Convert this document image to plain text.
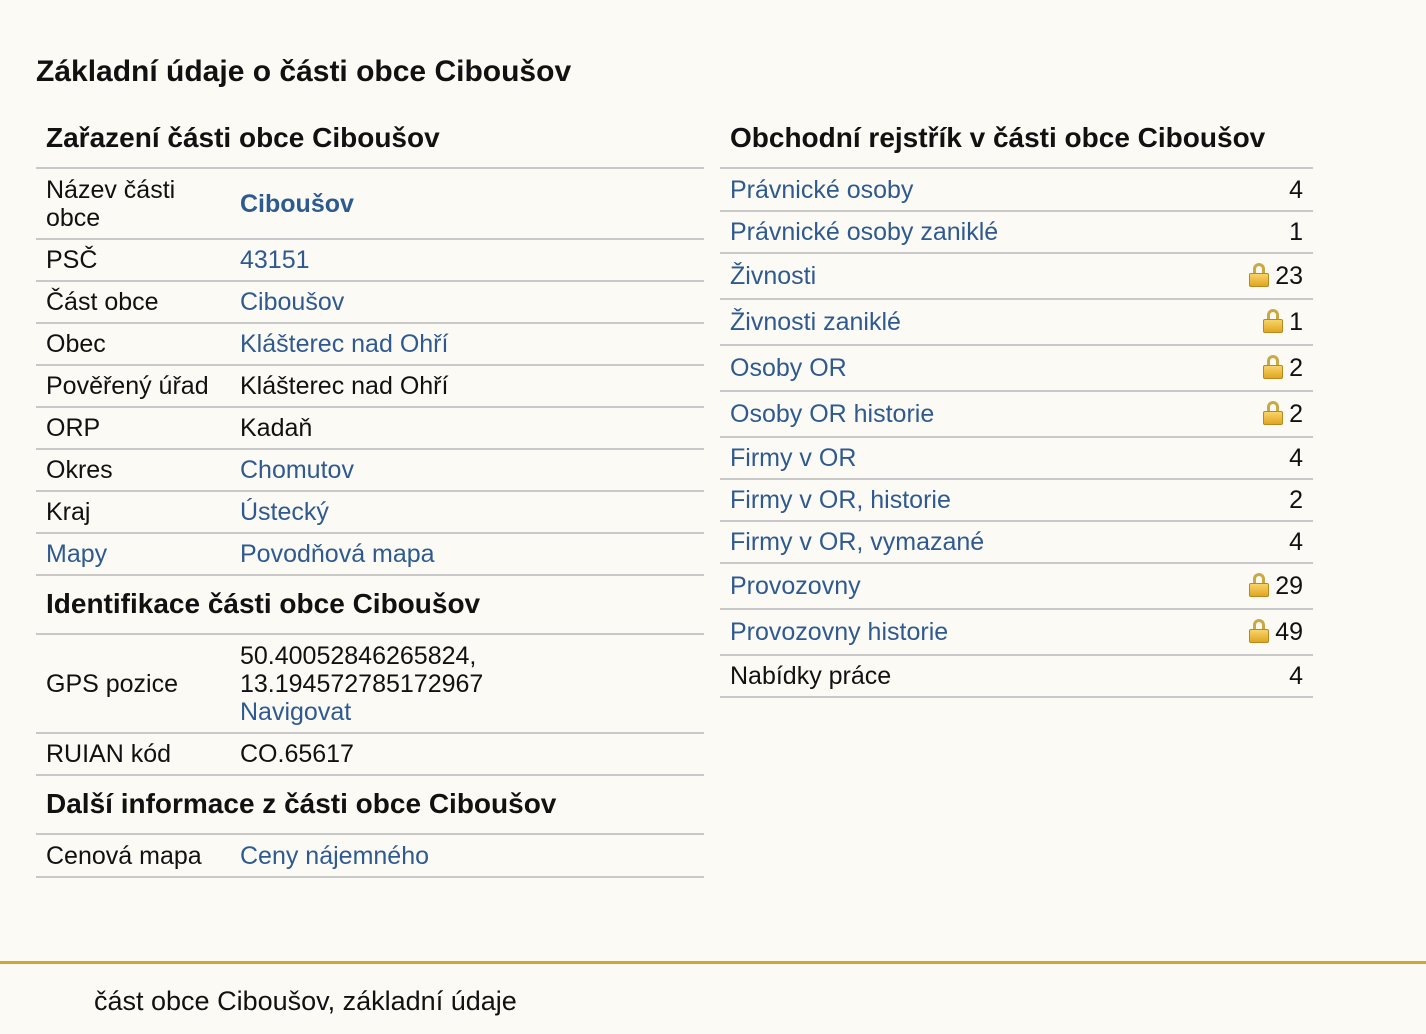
Základní údaje o části obce Ciboušov
Zařazení části obce Ciboušov
Název části obce	Ciboušov
PSČ	43151
Část obce	Ciboušov
Obec	Klášterec nad Ohří
Pověřený úřad	Klášterec nad Ohří
ORP	Kadaň
Okres	Chomutov
Kraj	Ústecký
Mapy	Povodňová mapa
Identifikace části obce Ciboušov
GPS pozice	50.40052846265824,
13.194572785172967
Navigovat
RUIAN kód	CO.65617
Další informace z části obce Ciboušov
Cenová mapa	Ceny nájemného
Obchodní rejstřík v části obce Ciboušov
Právnické osoby	4
Právnické osoby zaniklé	1
Živnosti	23
Živnosti zaniklé	1
Osoby OR	2
Osoby OR historie	2
Firmy v OR	4
Firmy v OR, historie	2
Firmy v OR, vymazané	4
Provozovny	29
Provozovny historie	49
Nabídky práce	4
část obce Ciboušov, základní údaje
